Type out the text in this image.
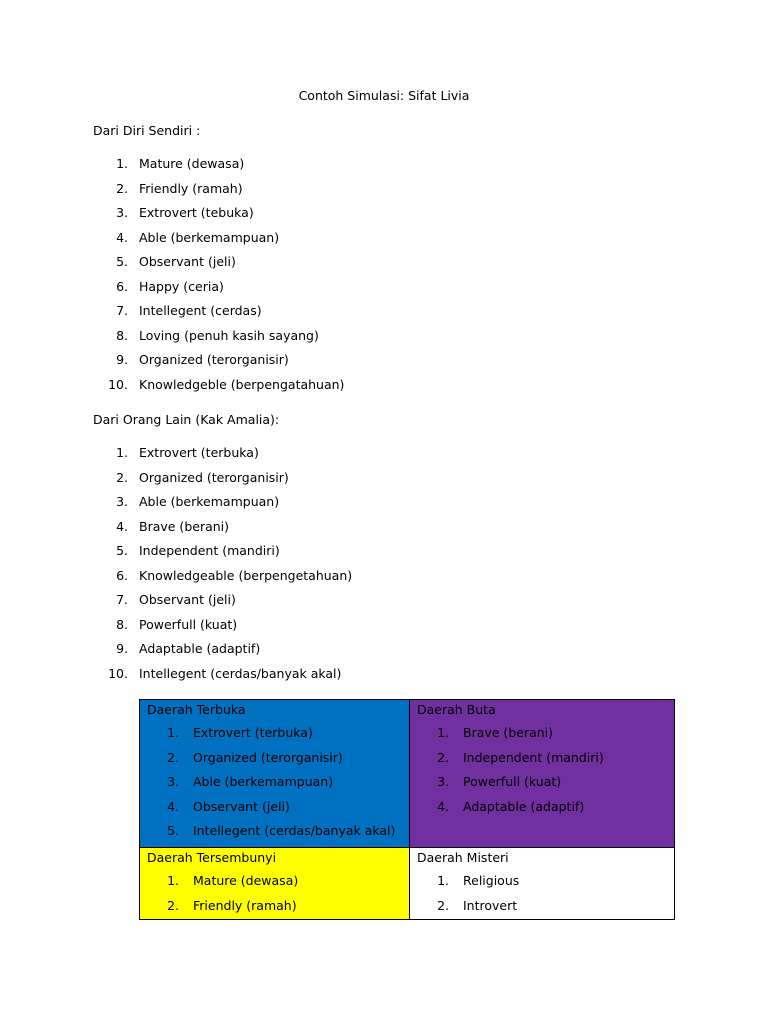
Contoh Simulasi: Sifat Livia
Dari Diri Sendiri :
1. Mature (dewasa)
2. Friendly (ramah)
3. Extrovert (tebuka)
4. Able (berkemampuan)
5. Observant (jeli)
6. Happy (ceria)
7. Intellegent (cerdas)
8. Loving (penuh kasih sayang)
9. Organized (terorganisir)
10. Knowledgeble (berpengatahuan)
Dari Orang Lain (Kak Amalia):
1. Extrovert (terbuka)
2. Organized (terorganisir)
3. Able (berkemampuan)
4. Brave (berani)
5. Independent (mandiri)
6. Knowledgeable (berpengetahuan)
7. Observant (jeli)
8. Powerfull (kuat)
9. Adaptable (adaptif)
10. Intellegent (cerdas/banyak akal)
Daerah Terbuka
1. Extrovert (terbuka)
2. Organized (terorganisir)
3. Able (berkemampuan)
4. Observant (jeli)
5. Intellegent (cerdas/banyak akal)
Daerah Buta
1. Brave (berani)
2. Independent (mandiri)
3. Powerfull (kuat)
4. Adaptable (adaptif)
Daerah Tersembunyi
1. Mature (dewasa)
2. Friendly (ramah)
Daerah Misteri
1. Religious
2. Introvert
